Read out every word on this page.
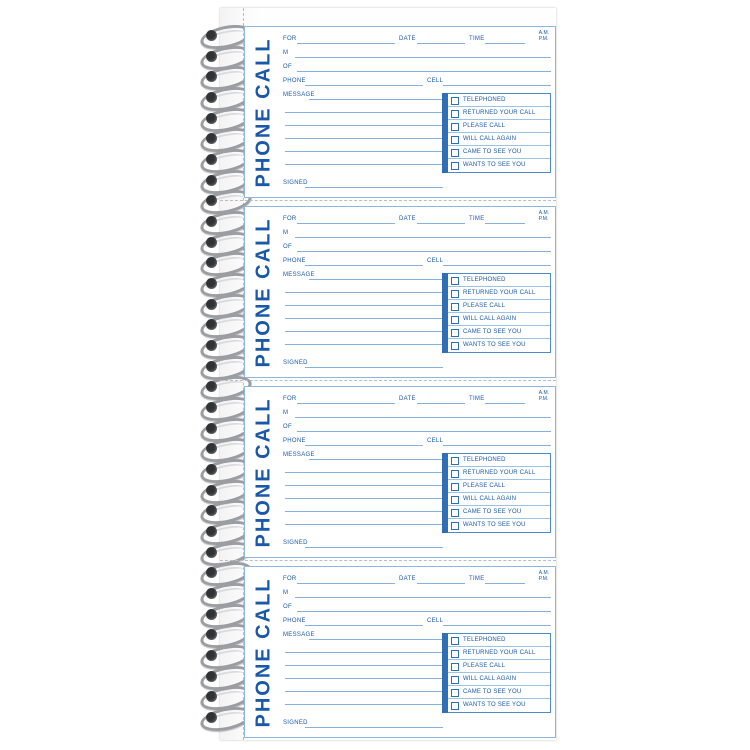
PHONE CALL FOR	DATE	TIME
A.M.
P.M.
M
OF
PHONE	CELL
MESSAGE
TELEPHONED
RETURNED YOUR CALL
PLEASE CALL
WILL CALL AGAIN
CAME TO SEE YOU
WANTS TO SEE YOU
SIGNED
PHONE CALL FOR	DATE	TIME
A.M.
P.M.
M
OF
PHONE	CELL
MESSAGE
TELEPHONED
RETURNED YOUR CALL
PLEASE CALL
WILL CALL AGAIN
CAME TO SEE YOU
WANTS TO SEE YOU
SIGNED
PHONE CALL FOR	DATE	TIME
A.M.
P.M.
M
OF
PHONE	CELL
MESSAGE
TELEPHONED
RETURNED YOUR CALL
PLEASE CALL
WILL CALL AGAIN
CAME TO SEE YOU
WANTS TO SEE YOU
SIGNED
PHONE CALL FOR	DATE	TIME
A.M.
P.M.
M
OF
PHONE	CELL
MESSAGE
TELEPHONED
RETURNED YOUR CALL
PLEASE CALL
WILL CALL AGAIN
CAME TO SEE YOU
WANTS TO SEE YOU
SIGNED
